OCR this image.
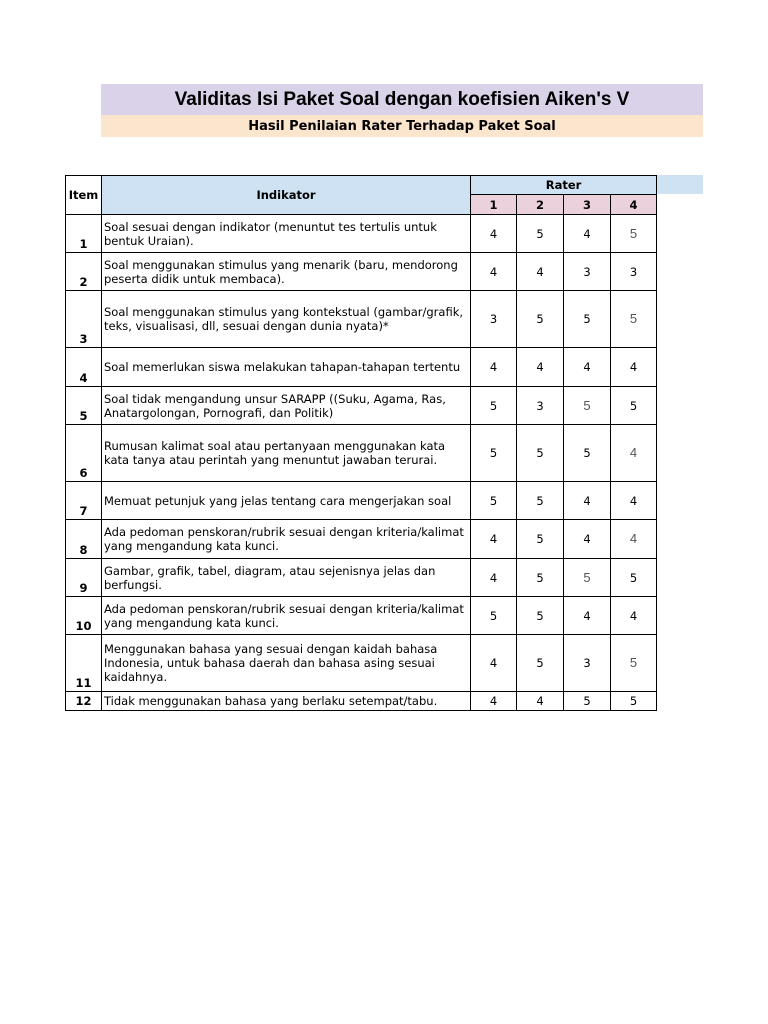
Validitas Isi Paket Soal dengan koefisien Aiken's V
Hasil Penilaian Rater Terhadap Paket Soal
Item	Indikator	Rater			
		1	2	3	4
1	Soal sesuai dengan indikator (menuntut tes tertulis untuk bentuk Uraian).	4	5	4	5
2	Soal menggunakan stimulus yang menarik (baru, mendorong peserta didik untuk membaca).	4	4	3	3
3	Soal menggunakan stimulus yang kontekstual (gambar/grafik, teks, visualisasi, dll, sesuai dengan dunia nyata)*	3	5	5	5
4	Soal memerlukan siswa melakukan tahapan-tahapan tertentu	4	4	4	4
5	Soal tidak mengandung unsur SARAPP ((Suku, Agama, Ras, Anatargolongan, Pornografi, dan Politik)	5	3	5	5
6	Rumusan kalimat soal atau pertanyaan menggunakan kata kata tanya atau perintah yang menuntut jawaban terurai.	5	5	5	4
7	Memuat petunjuk yang jelas tentang cara mengerjakan soal	5	5	4	4
8	Ada pedoman penskoran/rubrik sesuai dengan kriteria/kalimat yang mengandung kata kunci.	4	5	4	4
9	Gambar, grafik, tabel, diagram, atau sejenisnya jelas dan berfungsi.	4	5	5	5
10	Ada pedoman penskoran/rubrik sesuai dengan kriteria/kalimat yang mengandung kata kunci.	5	5	4	4
11	Menggunakan bahasa yang sesuai dengan kaidah bahasa Indonesia, untuk bahasa daerah dan bahasa asing sesuai kaidahnya.	4	5	3	5
12	Tidak menggunakan bahasa yang berlaku setempat/tabu.	4	4	5	5
